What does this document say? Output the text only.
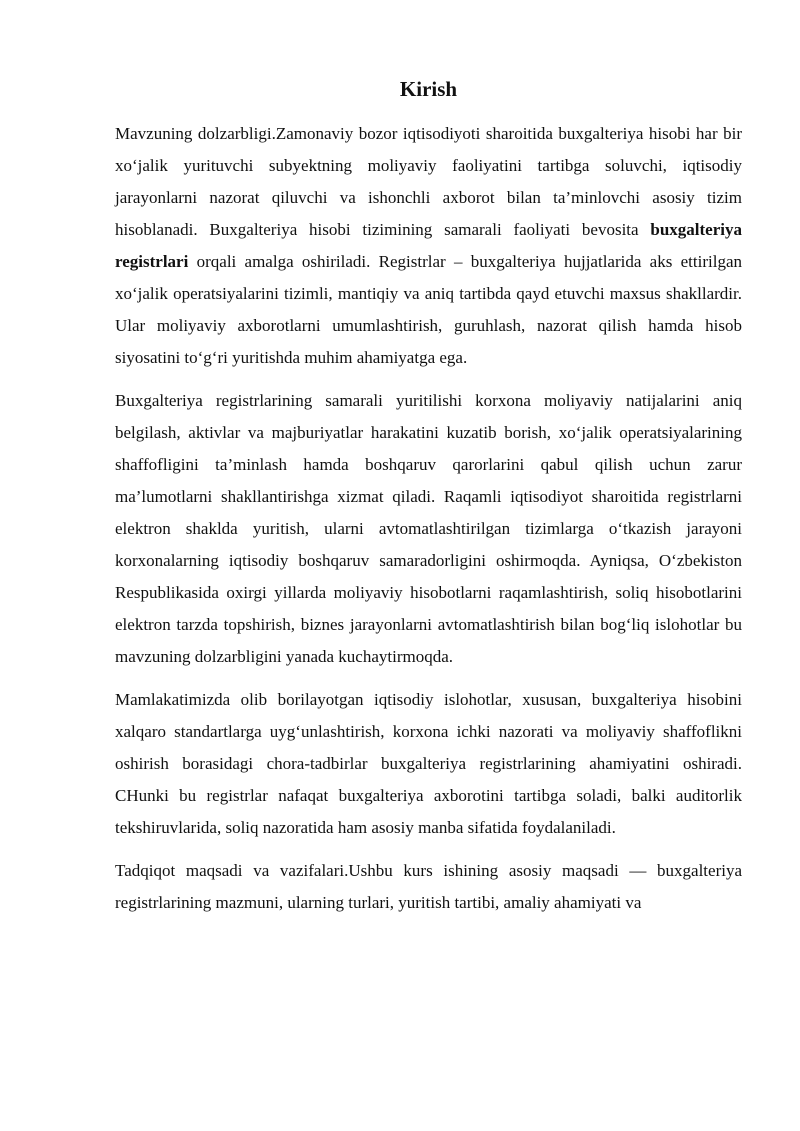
Kirish

Mavzuning dolzarbligi.Zamonaviy bozor iqtisodiyoti sharoitida buxgalteriya hisobi har bir xo‘jalik yurituvchi subyektning moliyaviy faoliyatini tartibga soluvchi, iqtisodiy jarayonlarni nazorat qiluvchi va ishonchli axborot bilan ta’minlovchi asosiy tizim hisoblanadi. Buxgalteriya hisobi tizimining samarali faoliyati bevosita buxgalteriya registrlari orqali amalga oshiriladi. Registrlar – buxgalteriya hujjatlarida aks ettirilgan xo‘jalik operatsiyalarini tizimli, mantiqiy va aniq tartibda qayd etuvchi maxsus shakllardir. Ular moliyaviy axborotlarni umumlashtirish, guruhlash, nazorat qilish hamda hisob siyosatini to‘g‘ri yuritishda muhim ahamiyatga ega.

Buxgalteriya registrlarining samarali yuritilishi korxona moliyaviy natijalarini aniq belgilash, aktivlar va majburiyatlar harakatini kuzatib borish, xo‘jalik operatsiyalarining shaffofligini ta’minlash hamda boshqaruv qarorlarini qabul qilish uchun zarur ma’lumotlarni shakllantirishga xizmat qiladi. Raqamli iqtisodiyot sharoitida registrlarni elektron shaklda yuritish, ularni avtomatlashtirilgan tizimlarga o‘tkazish jarayoni korxonalarning iqtisodiy boshqaruv samaradorligini oshirmoqda. Ayniqsa, O‘zbekiston Respublikasida oxirgi yillarda moliyaviy hisobotlarni raqamlashtirish, soliq hisobotlarini elektron tarzda topshirish, biznes jarayonlarni avtomatlashtirish bilan bog‘liq islohotlar bu mavzuning dolzarbligini yanada kuchaytirmoqda.

Mamlakatimizda olib borilayotgan iqtisodiy islohotlar, xususan, buxgalteriya hisobini xalqaro standartlarga uyg‘unlashtirish, korxona ichki nazorati va moliyaviy shaffoflikni oshirish borasidagi chora-tadbirlar buxgalteriya registrlarining ahamiyatini oshiradi. CHunki bu registrlar nafaqat buxgalteriya axborotini tartibga soladi, balki auditorlik tekshiruvlarida, soliq nazoratida ham asosiy manba sifatida foydalaniladi.

Tadqiqot maqsadi va vazifalari.Ushbu kurs ishining asosiy maqsadi — buxgalteriya registrlarining mazmuni, ularning turlari, yuritish tartibi, amaliy ahamiyati va
